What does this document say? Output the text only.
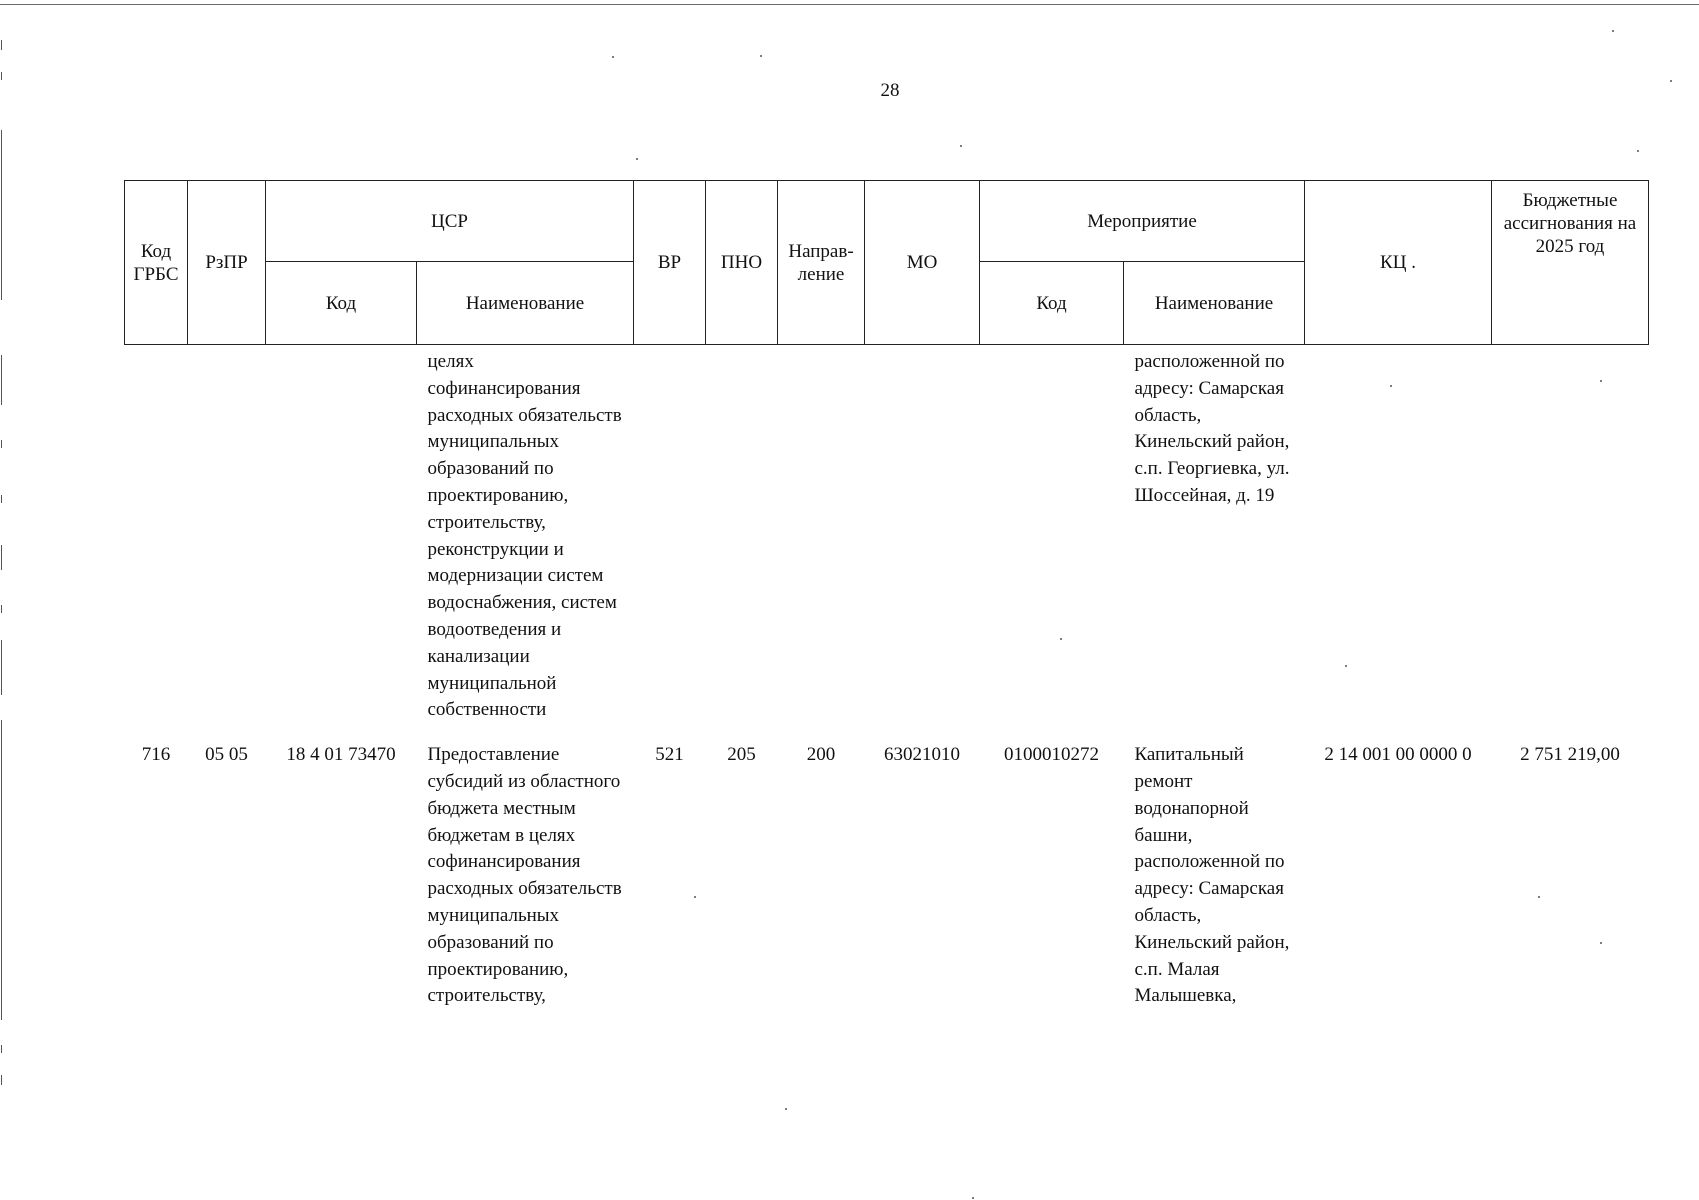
28
Код ГРБС	РзПР	ЦСР		ВР	ПНО	Направ-ление	МО	Мероприятие		КЦ .	Бюджетные ассигнования на 2025 год
		Код	Наименование					Код	Наименование		
			целях софинансирования расходных обязательств муниципальных образований по проектированию, строительству, реконструкции и модернизации систем водоснабжения, систем водоотведения и канализации муниципальной собственности						расположенной по адресу: Самарская область, Кинельский район, с.п. Георгиевка, ул. Шоссейная, д. 19		
716	05 05	18 4 01 73470	Предоставление субсидий из областного бюджета местным бюджетам в целях софинансирования расходных обязательств муниципальных образований по проектированию, строительству,	521	205	200	63021010	0100010272	Капитальный ремонт водонапорной башни, расположенной по адресу: Самарская область, Кинельский район, с.п. Малая Малышевка,	2 14 001 00 0000 0	2 751 219,00
